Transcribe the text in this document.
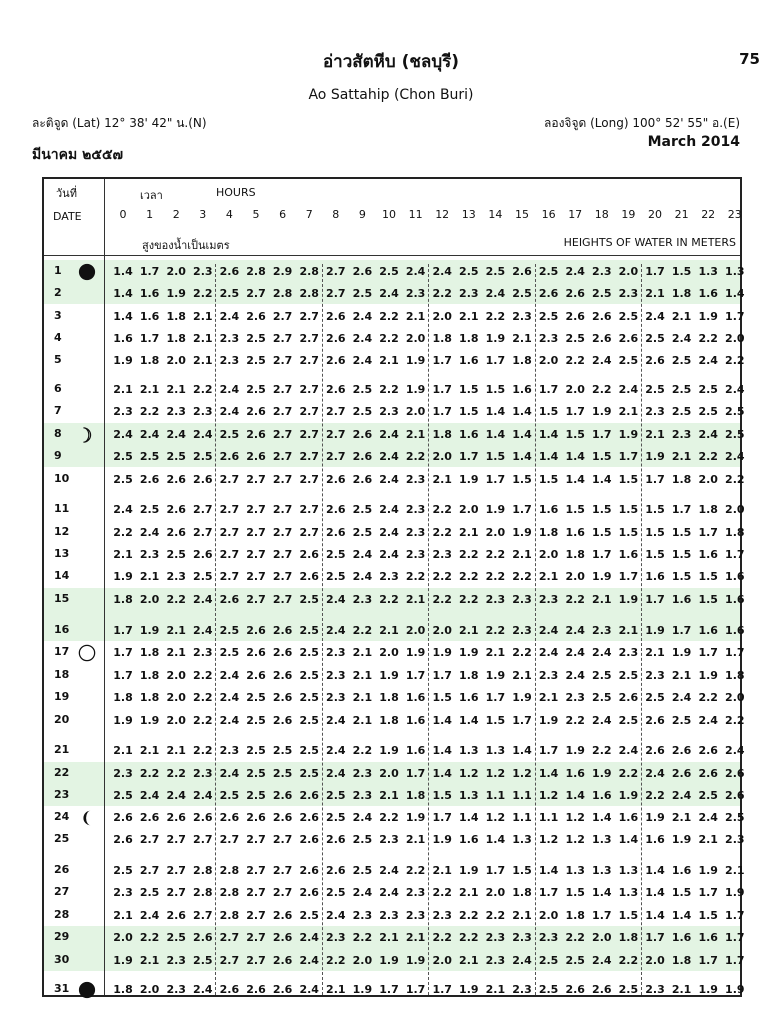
อ่าวสัตหีบ (ชลบุรี)	75
Ao Sattahip (Chon Buri)
ละติจูด (Lat) 12° 38' 42" น.(N)	ลองจิจูด (Long) 100° 52' 55" อ.(E)
มีนาคม ๒๕๕๗
March 2014
วันที่
DATE
เวลา	HOURS
สูงของน้ำเป็นเมตร	HEIGHTS OF WATER IN METERS
0	1	2	3	4	5	6	7	8	9	10	11	12	13	14	15	16	17	18	19	20	21	22	23
1	1.4 1.7 2.0 2.3 2.6 2.8 2.9 2.8 2.7 2.6 2.5 2.4 2.4 2.5 2.5 2.6 2.5 2.4 2.3 2.0 1.7 1.5 1.3 1.3
2	1.4 1.6 1.9 2.2 2.5 2.7 2.8 2.8 2.7 2.5 2.4 2.3 2.2 2.3 2.4 2.5 2.6 2.6 2.5 2.3 2.1 1.8 1.6 1.4
3	1.4 1.6 1.8 2.1 2.4 2.6 2.7 2.7 2.6 2.4 2.2 2.1 2.0 2.1 2.2 2.3 2.5 2.6 2.6 2.5 2.4 2.1 1.9 1.7
4	1.6 1.7 1.8 2.1 2.3 2.5 2.7 2.7 2.6 2.4 2.2 2.0 1.8 1.8 1.9 2.1 2.3 2.5 2.6 2.6 2.5 2.4 2.2 2.0
5	1.9 1.8 2.0 2.1 2.3 2.5 2.7 2.7 2.6 2.4 2.1 1.9 1.7 1.6 1.7 1.8 2.0 2.2 2.4 2.5 2.6 2.5 2.4 2.2
6	2.1 2.1 2.1 2.2 2.4 2.5 2.7 2.7 2.6 2.5 2.2 1.9 1.7 1.5 1.5 1.6 1.7 2.0 2.2 2.4 2.5 2.5 2.5 2.4
7	2.3 2.2 2.3 2.3 2.4 2.6 2.7 2.7 2.7 2.5 2.3 2.0 1.7 1.5 1.4 1.4 1.5 1.7 1.9 2.1 2.3 2.5 2.5 2.5
8	2.4 2.4 2.4 2.4 2.5 2.6 2.7 2.7 2.7 2.6 2.4 2.1 1.8 1.6 1.4 1.4 1.4 1.5 1.7 1.9 2.1 2.3 2.4 2.5
9	2.5 2.5 2.5 2.5 2.6 2.6 2.7 2.7 2.7 2.6 2.4 2.2 2.0 1.7 1.5 1.4 1.4 1.4 1.5 1.7 1.9 2.1 2.2 2.4
10	2.5 2.6 2.6 2.6 2.7 2.7 2.7 2.7 2.6 2.6 2.4 2.3 2.1 1.9 1.7 1.5 1.5 1.4 1.4 1.5 1.7 1.8 2.0 2.2
11	2.4 2.5 2.6 2.7 2.7 2.7 2.7 2.7 2.6 2.5 2.4 2.3 2.2 2.0 1.9 1.7 1.6 1.5 1.5 1.5 1.5 1.7 1.8 2.0
12	2.2 2.4 2.6 2.7 2.7 2.7 2.7 2.7 2.6 2.5 2.4 2.3 2.2 2.1 2.0 1.9 1.8 1.6 1.5 1.5 1.5 1.5 1.7 1.8
13	2.1 2.3 2.5 2.6 2.7 2.7 2.7 2.6 2.5 2.4 2.4 2.3 2.3 2.2 2.2 2.1 2.0 1.8 1.7 1.6 1.5 1.5 1.6 1.7
14	1.9 2.1 2.3 2.5 2.7 2.7 2.7 2.6 2.5 2.4 2.3 2.2 2.2 2.2 2.2 2.2 2.1 2.0 1.9 1.7 1.6 1.5 1.5 1.6
15	1.8 2.0 2.2 2.4 2.6 2.7 2.7 2.5 2.4 2.3 2.2 2.1 2.2 2.2 2.3 2.3 2.3 2.2 2.1 1.9 1.7 1.6 1.5 1.6
16	1.7 1.9 2.1 2.4 2.5 2.6 2.6 2.5 2.4 2.2 2.1 2.0 2.0 2.1 2.2 2.3 2.4 2.4 2.3 2.1 1.9 1.7 1.6 1.6
17	1.7 1.8 2.1 2.3 2.5 2.6 2.6 2.5 2.3 2.1 2.0 1.9 1.9 1.9 2.1 2.2 2.4 2.4 2.4 2.3 2.1 1.9 1.7 1.7
18	1.7 1.8 2.0 2.2 2.4 2.6 2.6 2.5 2.3 2.1 1.9 1.7 1.7 1.8 1.9 2.1 2.3 2.4 2.5 2.5 2.3 2.1 1.9 1.8
19	1.8 1.8 2.0 2.2 2.4 2.5 2.6 2.5 2.3 2.1 1.8 1.6 1.5 1.6 1.7 1.9 2.1 2.3 2.5 2.6 2.5 2.4 2.2 2.0
20	1.9 1.9 2.0 2.2 2.4 2.5 2.6 2.5 2.4 2.1 1.8 1.6 1.4 1.4 1.5 1.7 1.9 2.2 2.4 2.5 2.6 2.5 2.4 2.2
21	2.1 2.1 2.1 2.2 2.3 2.5 2.5 2.5 2.4 2.2 1.9 1.6 1.4 1.3 1.3 1.4 1.7 1.9 2.2 2.4 2.6 2.6 2.6 2.4
22	2.3 2.2 2.2 2.3 2.4 2.5 2.5 2.5 2.4 2.3 2.0 1.7 1.4 1.2 1.2 1.2 1.4 1.6 1.9 2.2 2.4 2.6 2.6 2.6
23	2.5 2.4 2.4 2.4 2.5 2.5 2.6 2.6 2.5 2.3 2.1 1.8 1.5 1.3 1.1 1.1 1.2 1.4 1.6 1.9 2.2 2.4 2.5 2.6
24	2.6 2.6 2.6 2.6 2.6 2.6 2.6 2.6 2.5 2.4 2.2 1.9 1.7 1.4 1.2 1.1 1.1 1.2 1.4 1.6 1.9 2.1 2.4 2.5
25	2.6 2.7 2.7 2.7 2.7 2.7 2.7 2.6 2.6 2.5 2.3 2.1 1.9 1.6 1.4 1.3 1.2 1.2 1.3 1.4 1.6 1.9 2.1 2.3
26	2.5 2.7 2.7 2.8 2.8 2.7 2.7 2.6 2.6 2.5 2.4 2.2 2.1 1.9 1.7 1.5 1.4 1.3 1.3 1.3 1.4 1.6 1.9 2.1
27	2.3 2.5 2.7 2.8 2.8 2.7 2.7 2.6 2.5 2.4 2.4 2.3 2.2 2.1 2.0 1.8 1.7 1.5 1.4 1.3 1.4 1.5 1.7 1.9
28	2.1 2.4 2.6 2.7 2.8 2.7 2.6 2.5 2.4 2.3 2.3 2.3 2.3 2.2 2.2 2.1 2.0 1.8 1.7 1.5 1.4 1.4 1.5 1.7
29	2.0 2.2 2.5 2.6 2.7 2.7 2.6 2.4 2.3 2.2 2.1 2.1 2.2 2.2 2.3 2.3 2.3 2.2 2.0 1.8 1.7 1.6 1.6 1.7
30	1.9 2.1 2.3 2.5 2.7 2.7 2.6 2.4 2.2 2.0 1.9 1.9 2.0 2.1 2.3 2.4 2.5 2.5 2.4 2.2 2.0 1.8 1.7 1.7
31	1.8 2.0 2.3 2.4 2.6 2.6 2.6 2.4 2.1 1.9 1.7 1.7 1.7 1.9 2.1 2.3 2.5 2.6 2.6 2.5 2.3 2.1 1.9 1.9
